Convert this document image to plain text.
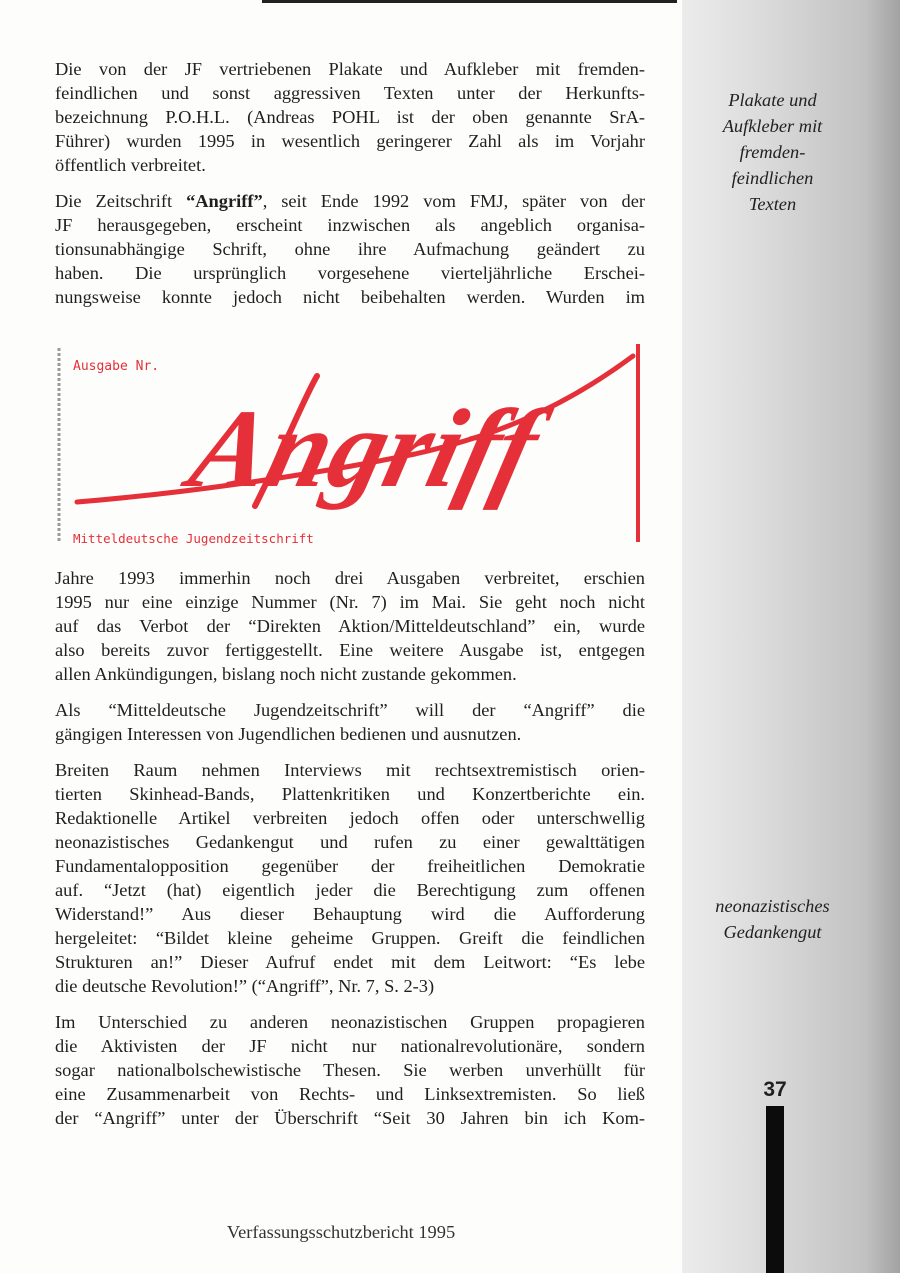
Die von der JF vertriebenen Plakate und Aufkleber mit fremden-
feindlichen und sonst aggressiven Texten unter der Herkunfts-
bezeichnung P.O.H.L. (Andreas POHL ist der oben genannte SrA-
Führer) wurden 1995 in wesentlich geringerer Zahl als im Vorjahr
öffentlich verbreitet.

Die Zeitschrift “Angriff”, seit Ende 1992 vom FMJ, später von der
JF herausgegeben, erscheint inzwischen als angeblich organisa-
tionsunabhängige Schrift, ohne ihre Aufmachung geändert zu
haben. Die ursprünglich vorgesehene vierteljährliche Erschei-
nungsweise konnte jedoch nicht beibehalten werden. Wurden im

Ausgabe Nr.
Angriff
Mitteldeutsche Jugendzeitschrift

Jahre 1993 immerhin noch drei Ausgaben verbreitet, erschien
1995 nur eine einzige Nummer (Nr. 7) im Mai. Sie geht noch nicht
auf das Verbot der “Direkten Aktion/Mitteldeutschland” ein, wurde
also bereits zuvor fertiggestellt. Eine weitere Ausgabe ist, entgegen
allen Ankündigungen, bislang noch nicht zustande gekommen.

Als “Mitteldeutsche Jugendzeitschrift” will der “Angriff” die
gängigen Interessen von Jugendlichen bedienen und ausnutzen.

Breiten Raum nehmen Interviews mit rechtsextremistisch orien-
tierten Skinhead-Bands, Plattenkritiken und Konzertberichte ein.
Redaktionelle Artikel verbreiten jedoch offen oder unterschwellig
neonazistisches Gedankengut und rufen zu einer gewalttätigen
Fundamentalopposition gegenüber der freiheitlichen Demokratie
auf. “Jetzt (hat) eigentlich jeder die Berechtigung zum offenen
Widerstand!” Aus dieser Behauptung wird die Aufforderung
hergeleitet: “Bildet kleine geheime Gruppen. Greift die feindlichen
Strukturen an!” Dieser Aufruf endet mit dem Leitwort: “Es lebe
die deutsche Revolution!” (“Angriff”, Nr. 7, S. 2-3)

Im Unterschied zu anderen neonazistischen Gruppen propagieren
die Aktivisten der JF nicht nur nationalrevolutionäre, sondern
sogar nationalbolschewistische Thesen. Sie werben unverhüllt für
eine Zusammenarbeit von Rechts- und Linksextremisten. So ließ
der “Angriff” unter der Überschrift “Seit 30 Jahren bin ich Kom-

Plakate und
Aufkleber mit
fremden-
feindlichen
Texten
neonazistisches
Gedankengut
37
Verfassungsschutzbericht 1995
